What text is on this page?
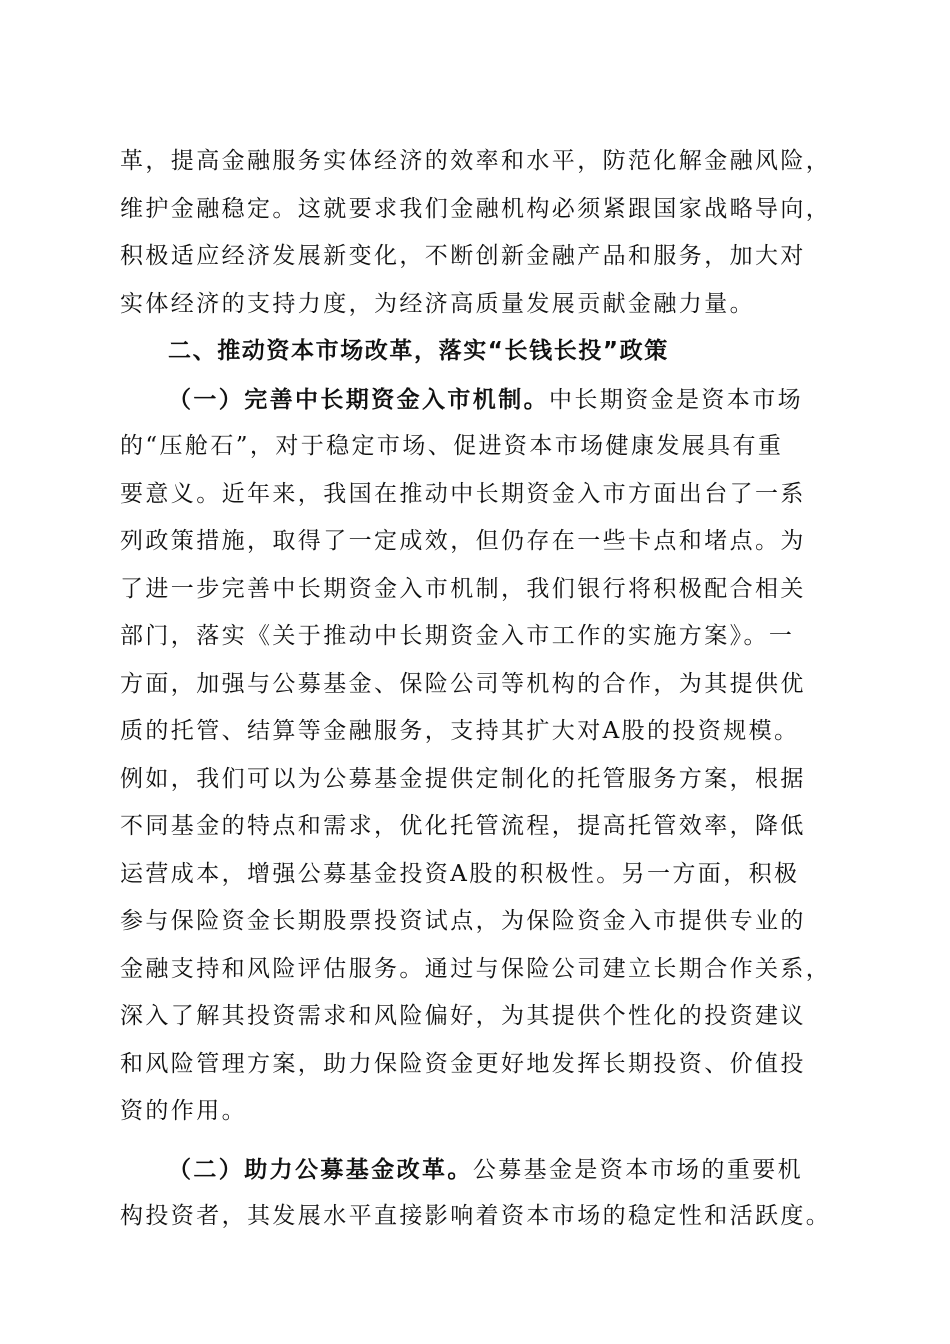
革，提高金融服务实体经济的效率和水平，防范化解金融风险，
维护金融稳定。这就要求我们金融机构必须紧跟国家战略导向，
积极适应经济发展新变化，不断创新金融产品和服务，加大对
实体经济的支持力度，为经济高质量发展贡献金融力量。
二、推动资本市场改革，落实“长钱长投”政策
（一）完善中长期资金入市机制。中长期资金是资本市场
的“压舱石”，对于稳定市场、促进资本市场健康发展具有重
要意义。近年来，我国在推动中长期资金入市方面出台了一系
列政策措施，取得了一定成效，但仍存在一些卡点和堵点。为
了进一步完善中长期资金入市机制，我们银行将积极配合相关
部门，落实《关于推动中长期资金入市工作的实施方案》。一
方面，加强与公募基金、保险公司等机构的合作，为其提供优
质的托管、结算等金融服务，支持其扩大对A股的投资规模。
例如，我们可以为公募基金提供定制化的托管服务方案，根据
不同基金的特点和需求，优化托管流程，提高托管效率，降低
运营成本，增强公募基金投资A股的积极性。另一方面，积极
参与保险资金长期股票投资试点，为保险资金入市提供专业的
金融支持和风险评估服务。通过与保险公司建立长期合作关系，
深入了解其投资需求和风险偏好，为其提供个性化的投资建议
和风险管理方案，助力保险资金更好地发挥长期投资、价值投
资的作用。
（二）助力公募基金改革。公募基金是资本市场的重要机
构投资者，其发展水平直接影响着资本市场的稳定性和活跃度。
